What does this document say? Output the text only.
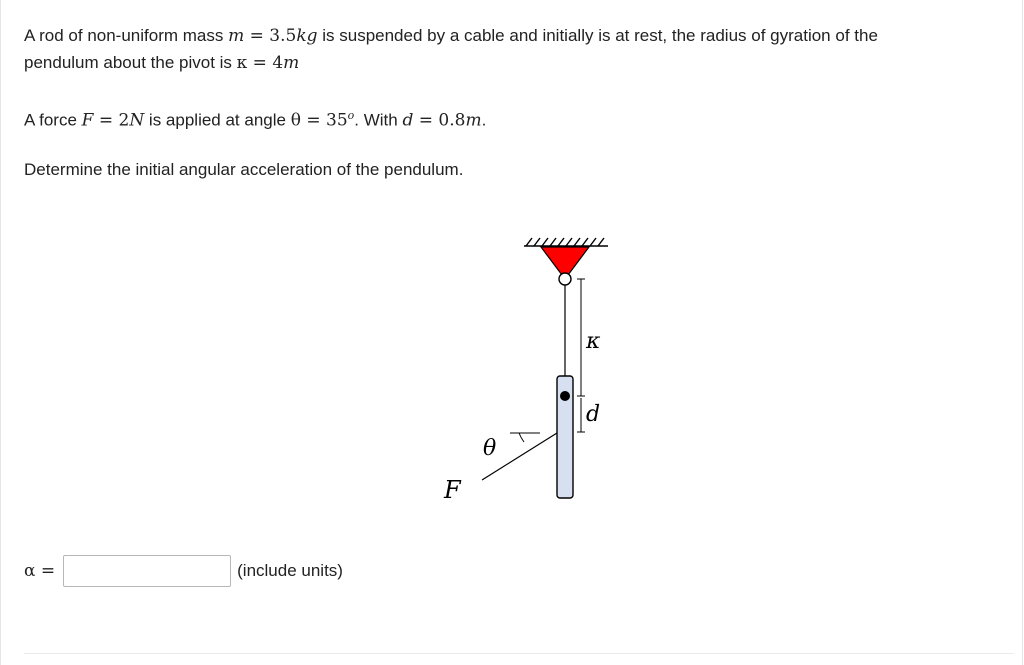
A rod of non-uniform mass m = 3.5kg is suspended by a cable and initially is at rest, the radius of gyration of the
pendulum about the pivot is κ = 4m
A force F = 2N is applied at angle $\theta = 35^o$. With d = 0.8m.
Determine the initial angular acceleration of the pendulum.
κ
d
θ
F
α =	(include units)
